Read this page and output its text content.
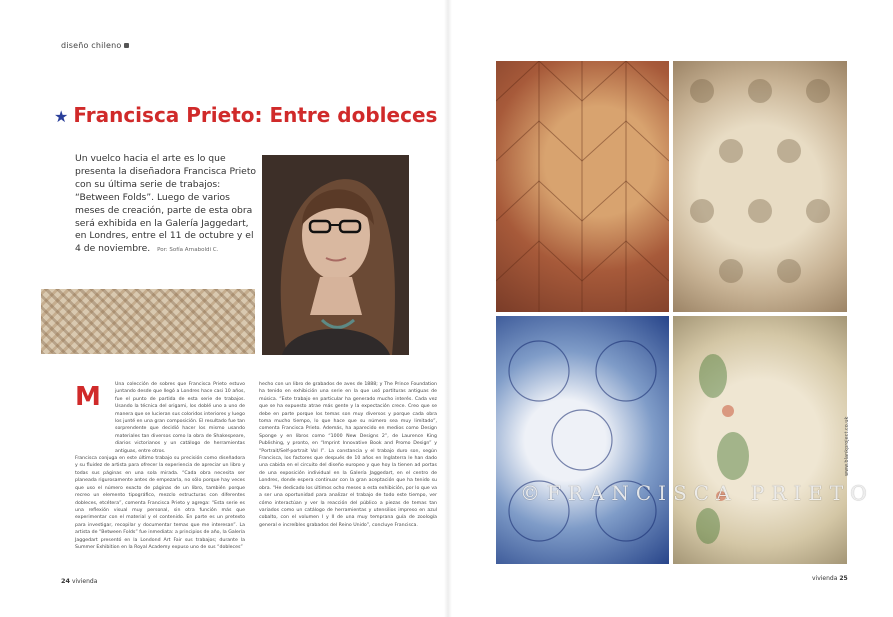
diseño chileno
★ Francisca Prieto: Entre dobleces
Un vuelco hacia el arte es lo que presenta la diseñadora Francisca Prieto con su última serie de trabajos: “Between Folds”. Luego de varios meses de creación, parte de esta obra será exhibida en la Galería Jaggedart, en Londres, entre el 11 de octubre y el 4 de noviembre. Por: Sofía Arnaboldi C.
M	Una colección de sobres que Francisca Prieto estuvo juntando desde que llegó a Londres hace casi 10 años, fue el punto de partida de esta serie de trabajos. Usando la técnica del origami, los doblé uno a uno de manera que se lucieran sus coloridos interiores y luego los junté en una gran composición. El resultado fue tan sorprendente que decidió hacer los mismo usando materiales tan diversos como la obra de Shakespeare, diarios victorianos y un catálogo de herramientas antiguas, entre otros.
Francisca conjuga en este último trabajo su precisión como diseñadora y su fluidez de artista para ofrecer la experiencia de apreciar un libro y todas sus páginas en una sola mirada. “Cada obra necesita ser planeada rigurosamente antes de empezarla, no sólo porque hay veces que uso el número exacto de páginas de un libro, también porque recreo un elemento tipográfico, mezclo estructuras con diferentes dobleces, etcétera”, comenta Francisca Prieto y agrega: “Esta serie es una reflexión visual muy personal, sin otra función más que experimentar con el material y el contenido. En parte es un pretexto para investigar, recopilar y documentar temas que me interesan”. La artista de “Between Folds” fue inmediata: a principios de año, la Galería Jaggedart presentó en la Londond Art Fair sus trabajos; durante la Summer Exhibition en la Royal Academy expuso uno de sus “dobleces”
hecho con un libro de grabados de aves de 1888; y The Prince Foundation ha tenido en exhibición una serie en la que usó partituras antiguas de música. “Este trabajo en particular ha generado mucho interés. Cada vez que se ha expuesto atrae más gente y la expectación crece. Creo que se debe en parte porque los temas son muy diversos y porque cada obra toma mucho tiempo, lo que hace que su número sea muy limitado”, comenta Francisca Prieto. Además, ha aparecido en medios como Design Sponge y en libros como “1000 New Designs 2”, de Laurence King Publishing, y pronto, en “Imprint Innovative Book and Promo Design” y “Portrait/Self-portrait Vol I”. La constancia y el trabajo duro son, según Francisca, los factores que después de 10 años en Inglaterra le han dado una cabida en el circuito del diseño europeo y que hoy la tienen ad portas de una exposición individual en la Galería Jaggedart, en el centro de Londres, donde espera continuar con la gran aceptación que ha tenido su obra. “He dedicado los últimos ocho meses a esta exhibición, por lo que va a ser una oportunidad para analizar el trabajo de todo este tiempo, ver cómo interactúan y ver la reacción del público a piezas de temas tan variados como un catálogo de herramientas y utensilios impreso en azul cobalto, con el volumen I y II de una muy temprana guía de zoología general e increíbles grabados del Reino Unido”, concluye Francisca.
24 vivienda
©FRANCISCA PRIETO
www.blankproject.co.uk
vivienda 25
